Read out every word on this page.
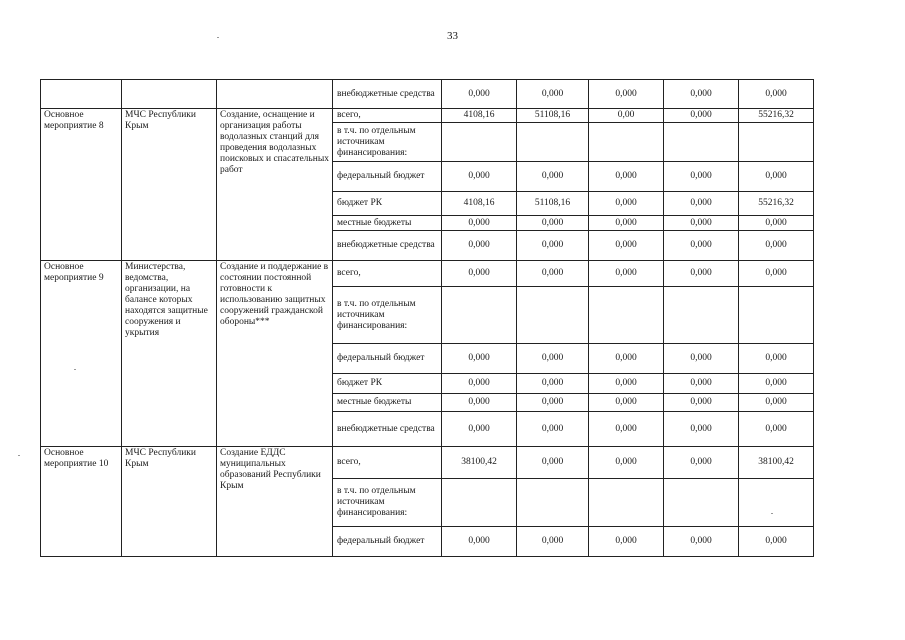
33
			внебюджетные средства	0,000	0,000	0,000	0,000	0,000
Основное мероприятие 8	МЧС Республики Крым	Создание, оснащение и организация работы водолазных станций для проведения водолазных поисковых и спасательных работ	всего,	4108,16	51108,16	0,00	0,000	55216,32
			в т.ч. по отдельным источникам финансирования:					
			федеральный бюджет	0,000	0,000	0,000	0,000	0,000
			бюджет РК	4108,16	51108,16	0,000	0,000	55216,32
			местные бюджеты	0,000	0,000	0,000	0,000	0,000
			внебюджетные средства	0,000	0,000	0,000	0,000	0,000
Основное мероприятие 9	Министерства, ведомства, организации, на балансе которых находятся защитные сооружения и укрытия	Создание и поддержание в состоянии постоянной готовности к использованию защитных сооружений гражданской обороны***	всего,	0,000	0,000	0,000	0,000	0,000
			в т.ч. по отдельным источникам финансирования:					
			федеральный бюджет	0,000	0,000	0,000	0,000	0,000
			бюджет РК	0,000	0,000	0,000	0,000	0,000
			местные бюджеты	0,000	0,000	0,000	0,000	0,000
			внебюджетные средства	0,000	0,000	0,000	0,000	0,000
Основное мероприятие 10	МЧС Республики Крым	Создание ЕДДС муниципальных образований Республики Крым	всего,	38100,42	0,000	0,000	0,000	38100,42
			в т.ч. по отдельным источникам финансирования:					
			федеральный бюджет	0,000	0,000	0,000	0,000	0,000
